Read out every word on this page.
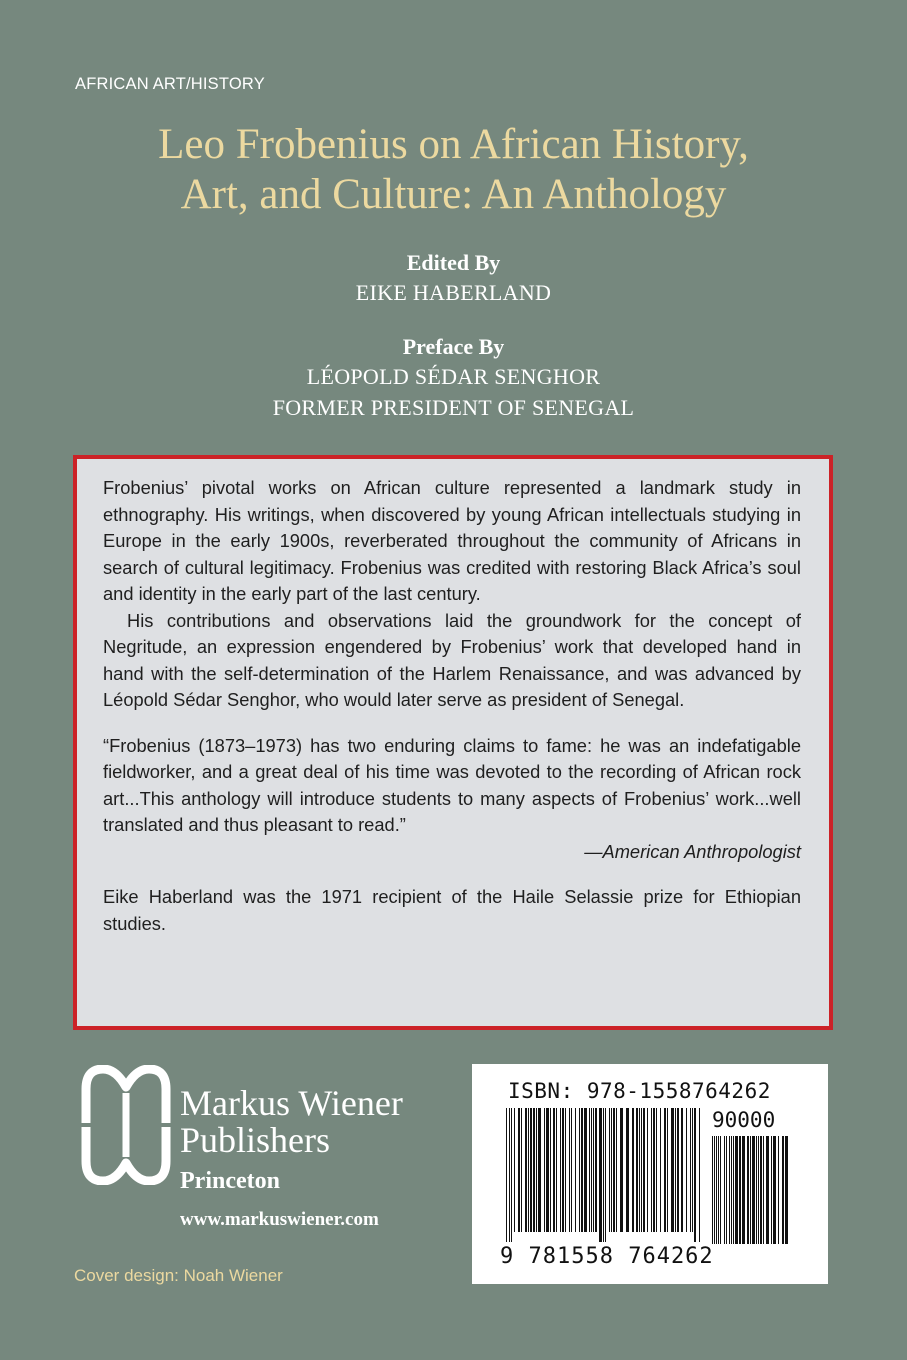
AFRICAN ART/HISTORY
Leo Frobenius on African History,
Art, and Culture: An Anthology
Edited By
EIKE HABERLAND
Preface By
LÉOPOLD SÉDAR SENGHOR
FORMER PRESIDENT OF SENEGAL

Frobenius’ pivotal works on African culture represented a landmark study in ethnography. His writings, when discovered by young African intellectuals studying in Europe in the early 1900s, reverberated throughout the community of Africans in search of cultural legitimacy. Frobenius was credited with restoring Black Africa’s soul and identity in the early part of the last century.

His contributions and observations laid the groundwork for the concept of Negritude, an expression engendered by Frobenius’ work that developed hand in hand with the self-determination of the Harlem Renaissance, and was advanced by Léopold Sédar Senghor, who would later serve as president of Senegal.

“Frobenius (1873–1973) has two enduring claims to fame: he was an indefatigable fieldworker, and a great deal of his time was devoted to the recording of African rock art...This anthology will introduce students to many aspects of Frobenius’ work...well translated and thus pleasant to read.”

—American Anthropologist

Eike Haberland was the 1971 recipient of the Haile Selassie prize for Ethiopian studies.

Markus Wiener
Publishers
Princeton
www.markuswiener.com
Cover design: Noah Wiener
ISBN: 978-1558764262
90000
9 781558 764262
